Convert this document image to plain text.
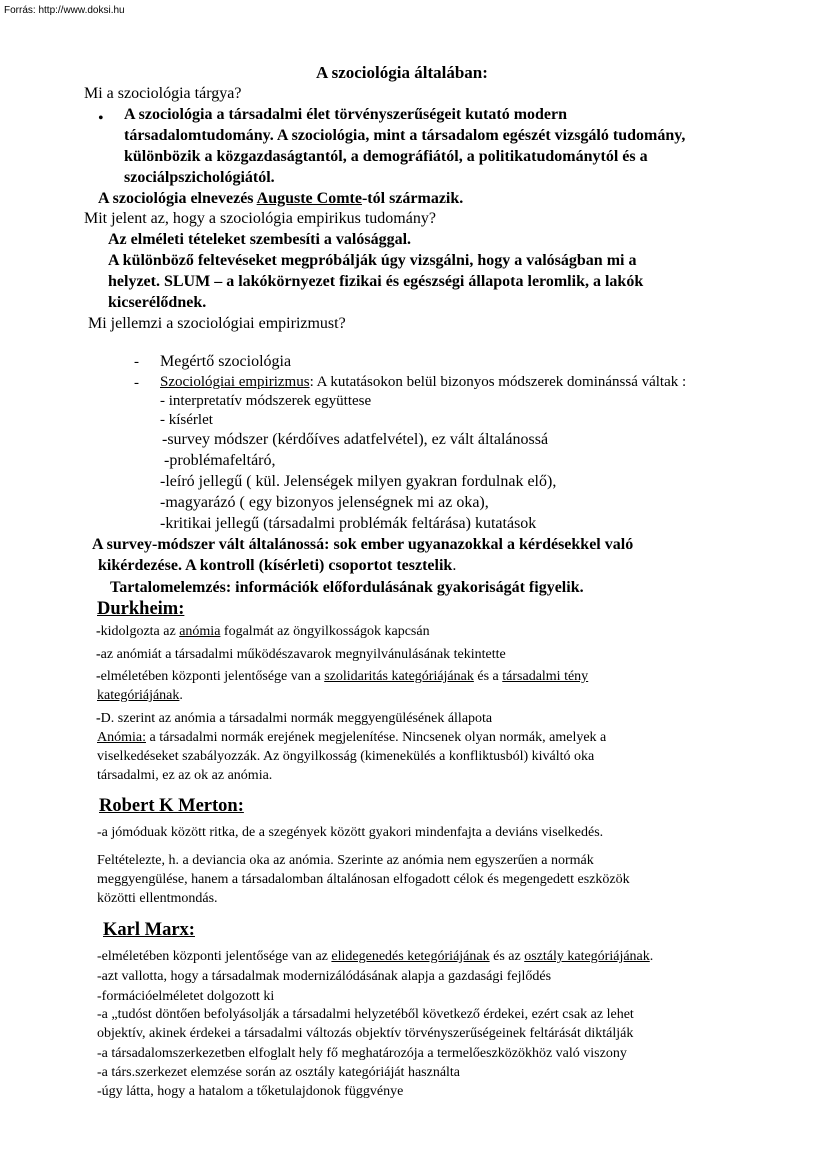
Forrás: http://www.doksi.hu
A szociológia általában:
Mi a szociológia tárgya?
• A szociológia a társadalmi élet törvényszerűségeit kutató modern
társadalomtudomány. A szociológia, mint a társadalom egészét vizsgáló tudomány,
különbözik a közgazdaságtantól, a demográfiától, a politikatudománytól és a
szociálpszichológiától.
A szociológia elnevezés Auguste Comte-tól származik.
Mit jelent az, hogy a szociológia empirikus tudomány?
Az elméleti tételeket szembesíti a valósággal.
A különböző feltevéseket megpróbálják úgy vizsgálni, hogy a valóságban mi a
helyzet. SLUM – a lakókörnyezet fizikai és egészségi állapota leromlik, a lakók
kicserélődnek.
Mi jellemzi a szociológiai empirizmust?
- Megértő szociológia
- Szociológiai empirizmus: A kutatásokon belül bizonyos módszerek dominánssá váltak :
- interpretatív módszerek együttese
- kísérlet
-survey módszer (kérdőíves adatfelvétel), ez vált általánossá
-problémafeltáró,
-leíró jellegű ( kül. Jelenségek milyen gyakran fordulnak elő),
-magyarázó ( egy bizonyos jelenségnek mi az oka),
-kritikai jellegű (társadalmi problémák feltárása) kutatások
A survey-módszer vált általánossá: sok ember ugyanazokkal a kérdésekkel való
kikérdezése. A kontroll (kísérleti) csoportot tesztelik.
Tartalomelemzés: információk előfordulásának gyakoriságát figyelik.
Durkheim:
-kidolgozta az anómia fogalmát az öngyilkosságok kapcsán
-az anómiát a társadalmi működészavarok megnyilvánulásának tekintette
-elméletében központi jelentősége van a szolidaritás kategóriájának és a társadalmi tény
kategóriájának.
-D. szerint az anómia a társadalmi normák meggyengülésének állapota
Anómia: a társadalmi normák erejének megjelenítése. Nincsenek olyan normák, amelyek a
viselkedéseket szabályozzák. Az öngyilkosság (kimenekülés a konfliktusból) kiváltó oka
társadalmi, ez az ok az anómia.
Robert K Merton:
-a jómóduak között ritka, de a szegények között gyakori mindenfajta a deviáns viselkedés.
Feltételezte, h. a deviancia oka az anómia. Szerinte az anómia nem egyszerűen a normák
meggyengülése, hanem a társadalomban általánosan elfogadott célok és megengedett eszközök
közötti ellentmondás.
Karl Marx:
-elméletében központi jelentősége van az elidegenedés ketegóriájának és az osztály kategóriájának.
-azt vallotta, hogy a társadalmak modernizálódásának alapja a gazdasági fejlődés
-formációelméletet dolgozott ki
-a „tudóst döntően befolyásolják a társadalmi helyzetéből következő érdekei, ezért csak az lehet
objektív, akinek érdekei a társadalmi változás objektív törvényszerűségeinek feltárását diktálják
-a társadalomszerkezetben elfoglalt hely fő meghatározója a termelőeszközökhöz való viszony
-a társ.szerkezet elemzése során az osztály kategóriáját használta
-úgy látta, hogy a hatalom a tőketulajdonok függvénye
